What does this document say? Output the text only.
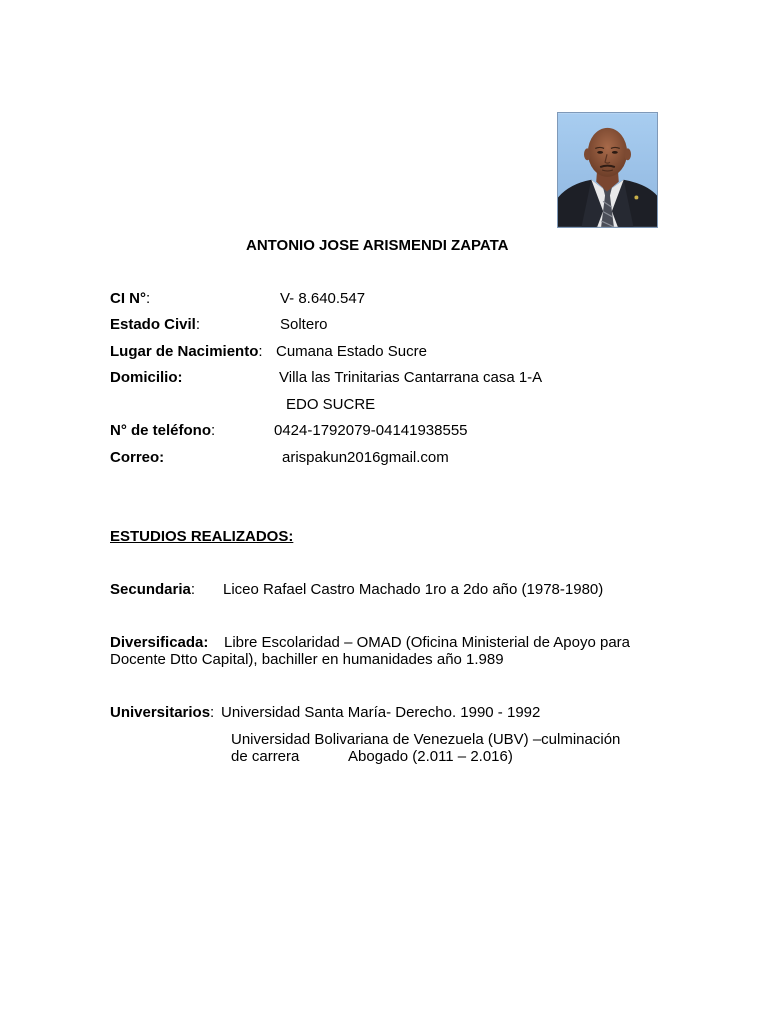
ANTONIO JOSE ARISMENDI ZAPATA
CI N°:	V- 8.640.547
Estado Civil:	Soltero
Lugar de Nacimiento: Cumana Estado Sucre
Domicilio:	Villa las Trinitarias Cantarrana casa 1-A
EDO SUCRE
N° de teléfono:	0424-1792079-04141938555
Correo:	arispakun2016gmail.com
ESTUDIOS REALIZADOS:
Secundaria: Liceo Rafael Castro Machado 1ro a 2do año (1978-1980)
Diversificada: Libre Escolaridad – OMAD (Oficina Ministerial de Apoyo para
Docente Dtto Capital), bachiller en humanidades año 1.989
Universitarios: Universidad Santa María- Derecho. 1990 - 1992
Universidad Bolivariana de Venezuela (UBV) –culminación
de carrera	Abogado (2.011 – 2.016)
